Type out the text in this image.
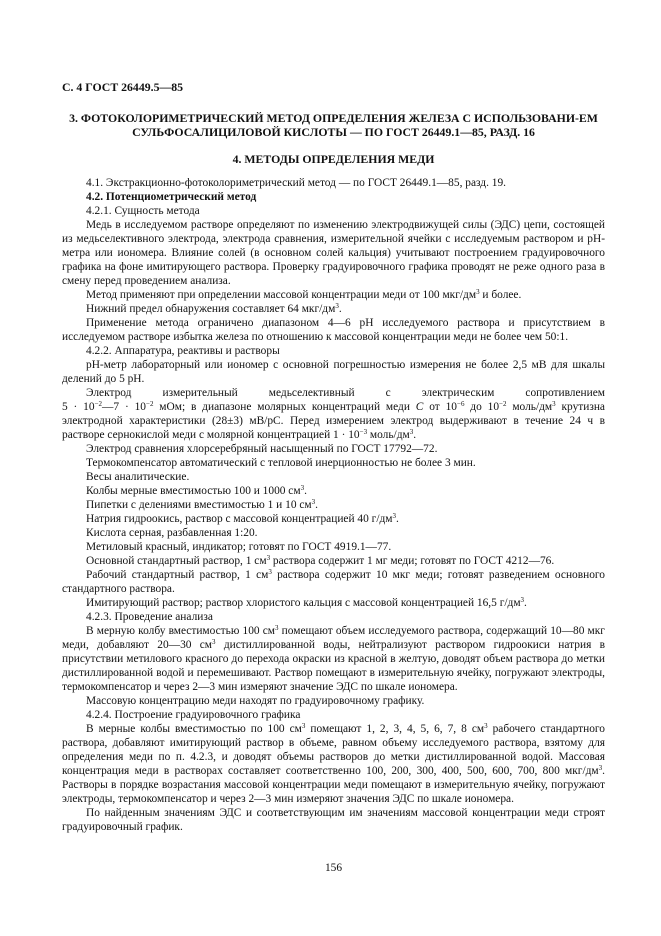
С. 4 ГОСТ 26449.5—85
3. ФОТОКОЛОРИМЕТРИЧЕСКИЙ МЕТОД ОПРЕДЕЛЕНИЯ ЖЕЛЕЗА С ИСПОЛЬЗОВАНИ-ЕМ СУЛЬФОСАЛИЦИЛОВОЙ КИСЛОТЫ — ПО ГОСТ 26449.1—85, РАЗД. 16
4. МЕТОДЫ ОПРЕДЕЛЕНИЯ МЕДИ

4.1. Экстракционно-фотоколориметрический метод — по ГОСТ 26449.1—85, разд. 19.

4.2. Потенциометрический метод

4.2.1. Сущность метода

Медь в исследуемом растворе определяют по изменению электродвижущей силы (ЭДС) цепи, состоящей из медьселективного электрода, электрода сравнения, измерительной ячейки с исследуемым раствором и pH-метра или иономера. Влияние солей (в основном солей кальция) учитывают построением градуировочного графика на фоне имитирующего раствора. Проверку градуировочного графика проводят не реже одного раза в смену перед проведением анализа.

Метод применяют при определении массовой концентрации меди от 100 мкг/$дм^3$ и более.

Нижний предел обнаружения составляет 64 мкг/$дм^3$.

Применение метода ограничено диапазоном 4—6 pH исследуемого раствора и присутствием в исследуемом растворе избытка железа по отношению к массовой концентрации меди не более чем 50:1.

4.2.2. Аппаратура, реактивы и растворы

pH-метр лабораторный или иономер с основной погрешностью измерения не более 2,5 мВ для шкалы делений до 5 pH.

Электрод измерительный медьселективный с электрическим сопротивлением

$5 \cdot 10^{-2}—7 \cdot 10^{-2}$ мОм; в диапазоне молярных концентраций меди C от $10^{-6}$ до $10^{-2}$ моль/$дм^3$ крутизна электродной характеристики (28±3) мВ/pC. Перед измерением электрод выдерживают в течение 24 ч в растворе сернокислой меди с молярной концентрацией $1 \cdot 10^{-3}$ моль/$дм^3$.

Электрод сравнения хлорсеребряный насыщенный по ГОСТ 17792—72.

Термокомпенсатор автоматический с тепловой инерционностью не более 3 мин.

Весы аналитические.

Колбы мерные вместимостью 100 и 1000 $см^3$.

Пипетки с делениями вместимостью 1 и 10 $см^3$.

Натрия гидроокись, раствор с массовой концентрацией 40 $г/дм^3$.

Кислота серная, разбавленная 1:20.

Метиловый красный, индикатор; готовят по ГОСТ 4919.1—77.

Основной стандартный раствор, 1 $см^3$ раствора содержит 1 мг меди; готовят по ГОСТ 4212—76.

Рабочий стандартный раствор, 1 $см^3$ раствора содержит 10 мкг меди; готовят разведением основного стандартного раствора.

Имитирующий раствор; раствор хлористого кальция с массовой концентрацией 16,5 $г/дм^3$.

4.2.3. Проведение анализа

В мерную колбу вместимостью 100 $см^3$ помещают объем исследуемого раствора, содержащий 10—80 мкг меди, добавляют 20—30 $см^3$ дистиллированной воды, нейтрализуют раствором гидроокиси натрия в присутствии метилового красного до перехода окраски из красной в желтую, доводят объем раствора до метки дистиллированной водой и перемешивают. Раствор помещают в измерительную ячейку, погружают электроды, термокомпенсатор и через 2—3 мин измеряют значение ЭДС по шкале иономера.

Массовую концентрацию меди находят по градуировочному графику.

4.2.4. Построение градуировочного графика

В мерные колбы вместимостью по 100 $см^3$ помещают 1, 2, 3, 4, 5, 6, 7, 8 $см^3$ рабочего стандартного раствора, добавляют имитирующий раствор в объеме, равном объему исследуемого раствора, взятому для определения меди по п. 4.2.3, и доводят объемы растворов до метки дистиллированной водой. Массовая концентрация меди в растворах составляет соответственно 100, 200, 300, 400, 500, 600, 700, 800 мкг/$дм^3$. Растворы в порядке возрастания массовой концентрации меди помещают в измерительную ячейку, погружают электроды, термокомпенсатор и через 2—3 мин измеряют значения ЭДС по шкале иономера.

По найденным значениям ЭДС и соответствующим им значениям массовой концентрации меди строят градуировочный график.

156
